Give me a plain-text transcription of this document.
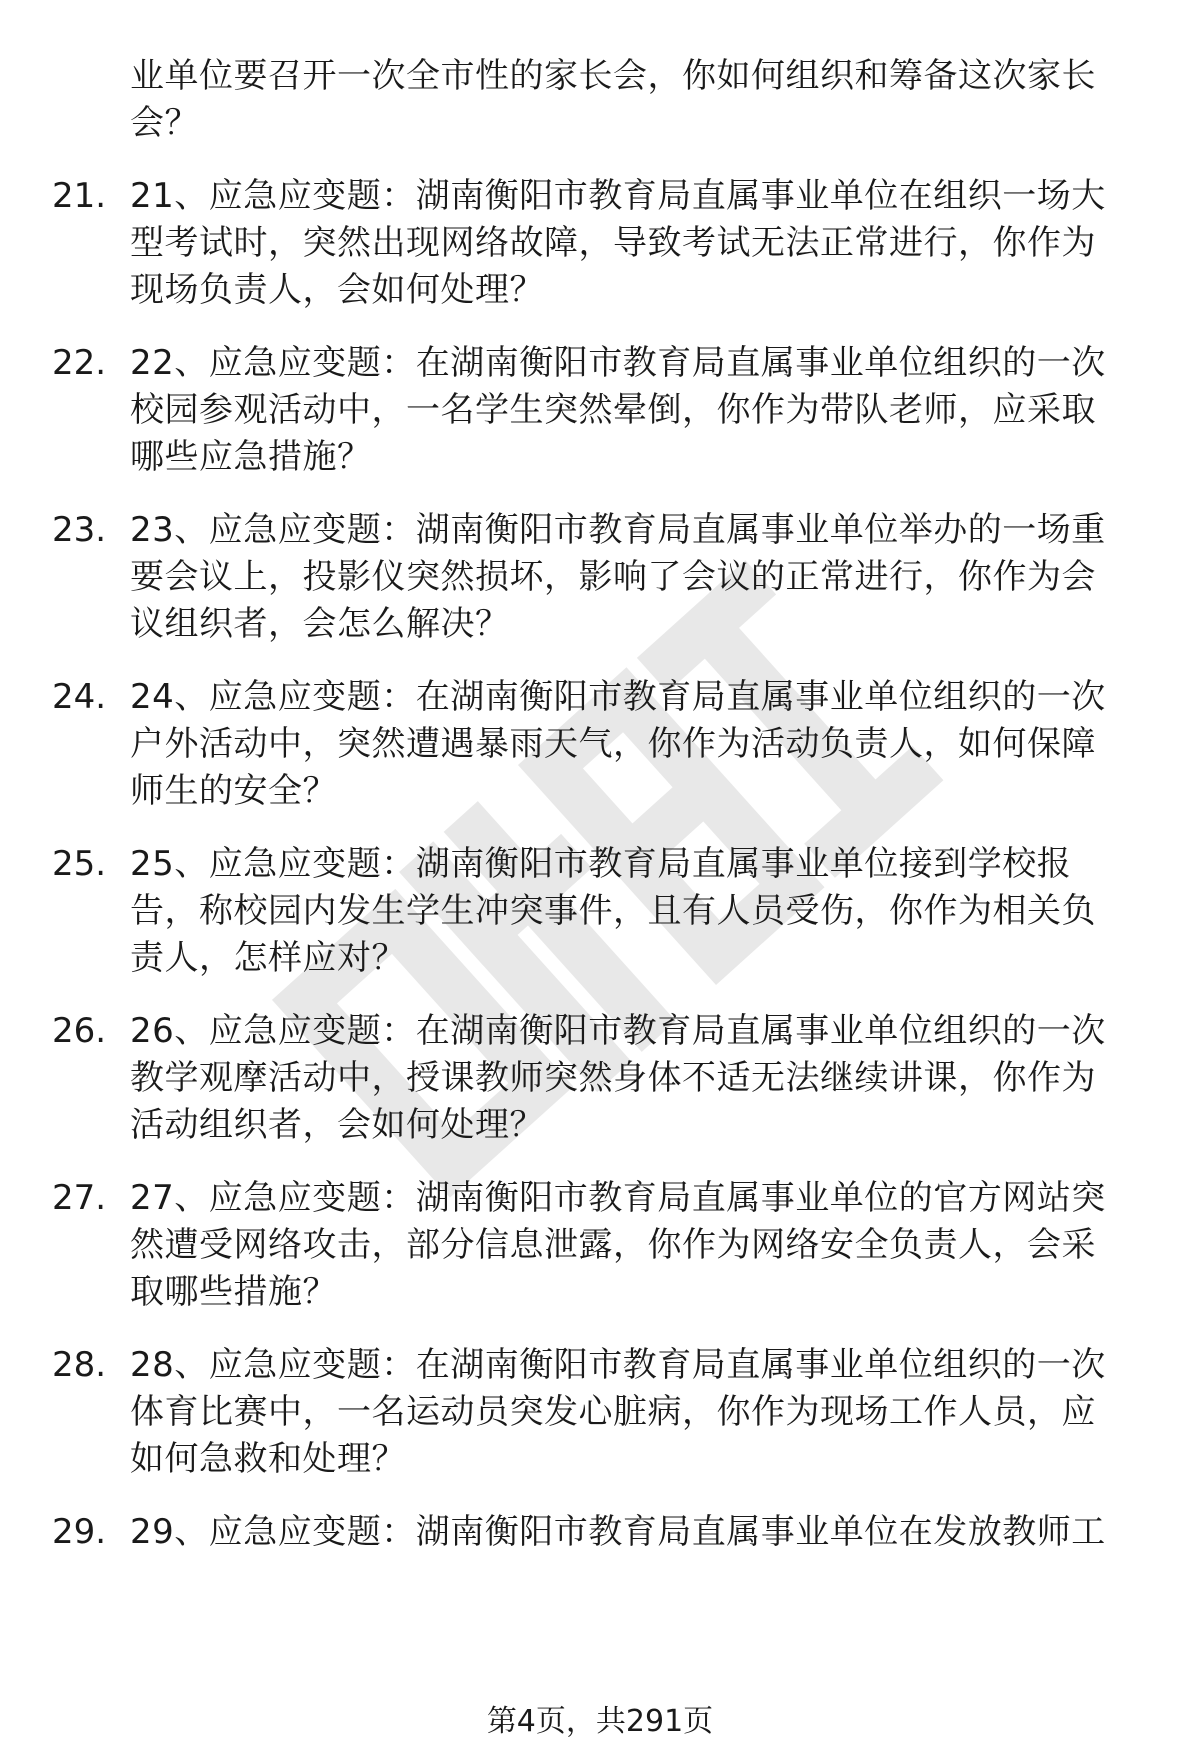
业单位要召开一次全市性的家长会，你如何组织和筹备这次家长
会？
21. 21、应急应变题：湖南衡阳市教育局直属事业单位在组织一场大
型考试时，突然出现网络故障，导致考试无法正常进行，你作为
现场负责人，会如何处理？
22. 22、应急应变题：在湖南衡阳市教育局直属事业单位组织的一次
校园参观活动中，一名学生突然晕倒，你作为带队老师，应采取
哪些应急措施？
23. 23、应急应变题：湖南衡阳市教育局直属事业单位举办的一场重
要会议上，投影仪突然损坏，影响了会议的正常进行，你作为会
议组织者，会怎么解决？
24. 24、应急应变题：在湖南衡阳市教育局直属事业单位组织的一次
户外活动中，突然遭遇暴雨天气，你作为活动负责人，如何保障
师生的安全？
25. 25、应急应变题：湖南衡阳市教育局直属事业单位接到学校报
告，称校园内发生学生冲突事件，且有人员受伤，你作为相关负
责人，怎样应对？
26. 26、应急应变题：在湖南衡阳市教育局直属事业单位组织的一次
教学观摩活动中，授课教师突然身体不适无法继续讲课，你作为
活动组织者，会如何处理？
27. 27、应急应变题：湖南衡阳市教育局直属事业单位的官方网站突
然遭受网络攻击，部分信息泄露，你作为网络安全负责人，会采
取哪些措施？
28. 28、应急应变题：在湖南衡阳市教育局直属事业单位组织的一次
体育比赛中，一名运动员突发心脏病，你作为现场工作人员，应
如何急救和处理？
29. 29、应急应变题：湖南衡阳市教育局直属事业单位在发放教师工
第4页，共291页
